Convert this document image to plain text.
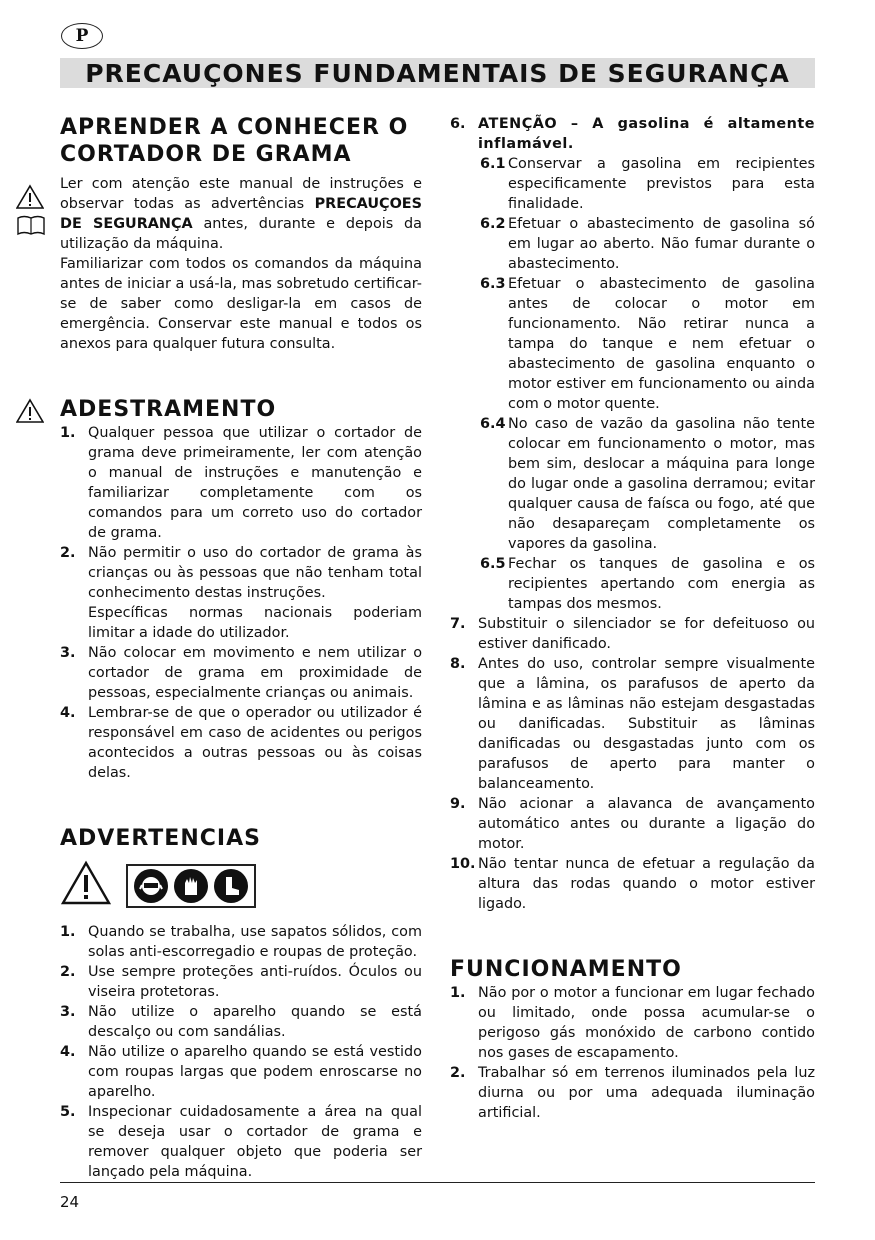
P
PRECAUÇONES FUNDAMENTAIS DE SEGURANÇA
APRENDER A CONHECER O
CORTADOR DE GRAMA

Ler com atenção este manual de instruções e observar todas as advertências PRECAUÇOES DE SEGURANÇA antes, durante e depois da utilização da máquina.

Familiarizar com todos os comandos da máquina antes de iniciar a usá-la, mas sobretudo certificar-se de saber como desligar-la em casos de emergência. Conservar este manual e todos os anexos para qualquer futura consulta.

ADESTRAMENTO
1. Qualquer pessoa que utilizar o cortador de grama deve primeiramente, ler com atenção o manual de instruções e manutenção e familiarizar completamente com os comandos para um correto uso do cortador de grama.
2. Não permitir o uso do cortador de grama às crianças ou às pessoas que não tenham total conhecimento destas instruções.
Específicas normas nacionais poderiam limitar a idade do utilizador.
3. Não colocar em movimento e nem utilizar o cortador de grama em proximidade de pessoas, especialmente crianças ou animais.
4. Lembrar-se de que o operador ou utilizador é responsável em caso de acidentes ou perigos acontecidos a outras pessoas ou às coisas delas.
ADVERTENCIAS
1. Quando se trabalha, use sapatos sólidos, com solas anti-escorregadio e roupas de proteção.
2. Use sempre proteções anti-ruídos. Óculos ou viseira protetoras.
3. Não utilize o aparelho quando se está descalço ou com sandálias.
4. Não utilize o aparelho quando se está vestido com roupas largas que podem enroscarse no aparelho.
5. Inspecionar cuidadosamente a área na qual se deseja usar o cortador de grama e remover qualquer objeto que poderia ser lançado pela máquina.
6. ATENÇÃO – A gasolina é altamente inflamável.
6.1 Conservar a gasolina em recipientes especificamente previstos para esta finalidade.
6.2 Efetuar o abastecimento de gasolina só em lugar ao aberto. Não fumar durante o abastecimento.
6.3 Efetuar o abastecimento de gasolina antes de colocar o motor em funcionamento. Não retirar nunca a tampa do tanque e nem efetuar o abastecimento de gasolina enquanto o motor estiver em funcionamento ou ainda com o motor quente.
6.4 No caso de vazão da gasolina não tente colocar em funcionamento o motor, mas bem sim, deslocar a máquina para longe do lugar onde a gasolina derramou; evitar qualquer causa de faísca ou fogo, até que não desapareçam completamente os vapores da gasolina.
6.5 Fechar os tanques de gasolina e os recipientes apertando com energia as tampas dos mesmos.
7. Substituir o silenciador se for defeituoso ou estiver danificado.
8. Antes do uso, controlar sempre visualmente que a lâmina, os parafusos de aperto da lâmina e as lâminas não estejam desgastadas ou danificadas. Substituir as lâminas danificadas ou desgastadas junto com os parafusos de aperto para manter o balanceamento.
9. Não acionar a alavanca de avançamento automático antes ou durante a ligação do motor.
10. Não tentar nunca de efetuar a regulação da altura das rodas quando o motor estiver ligado.
FUNCIONAMENTO
1. Não por o motor a funcionar em lugar fechado ou limitado, onde possa acumular-se o perigoso gás monóxido de carbono contido nos gases de escapamento.
2. Trabalhar só em terrenos iluminados pela luz diurna ou por uma adequada iluminação artificial.
24
